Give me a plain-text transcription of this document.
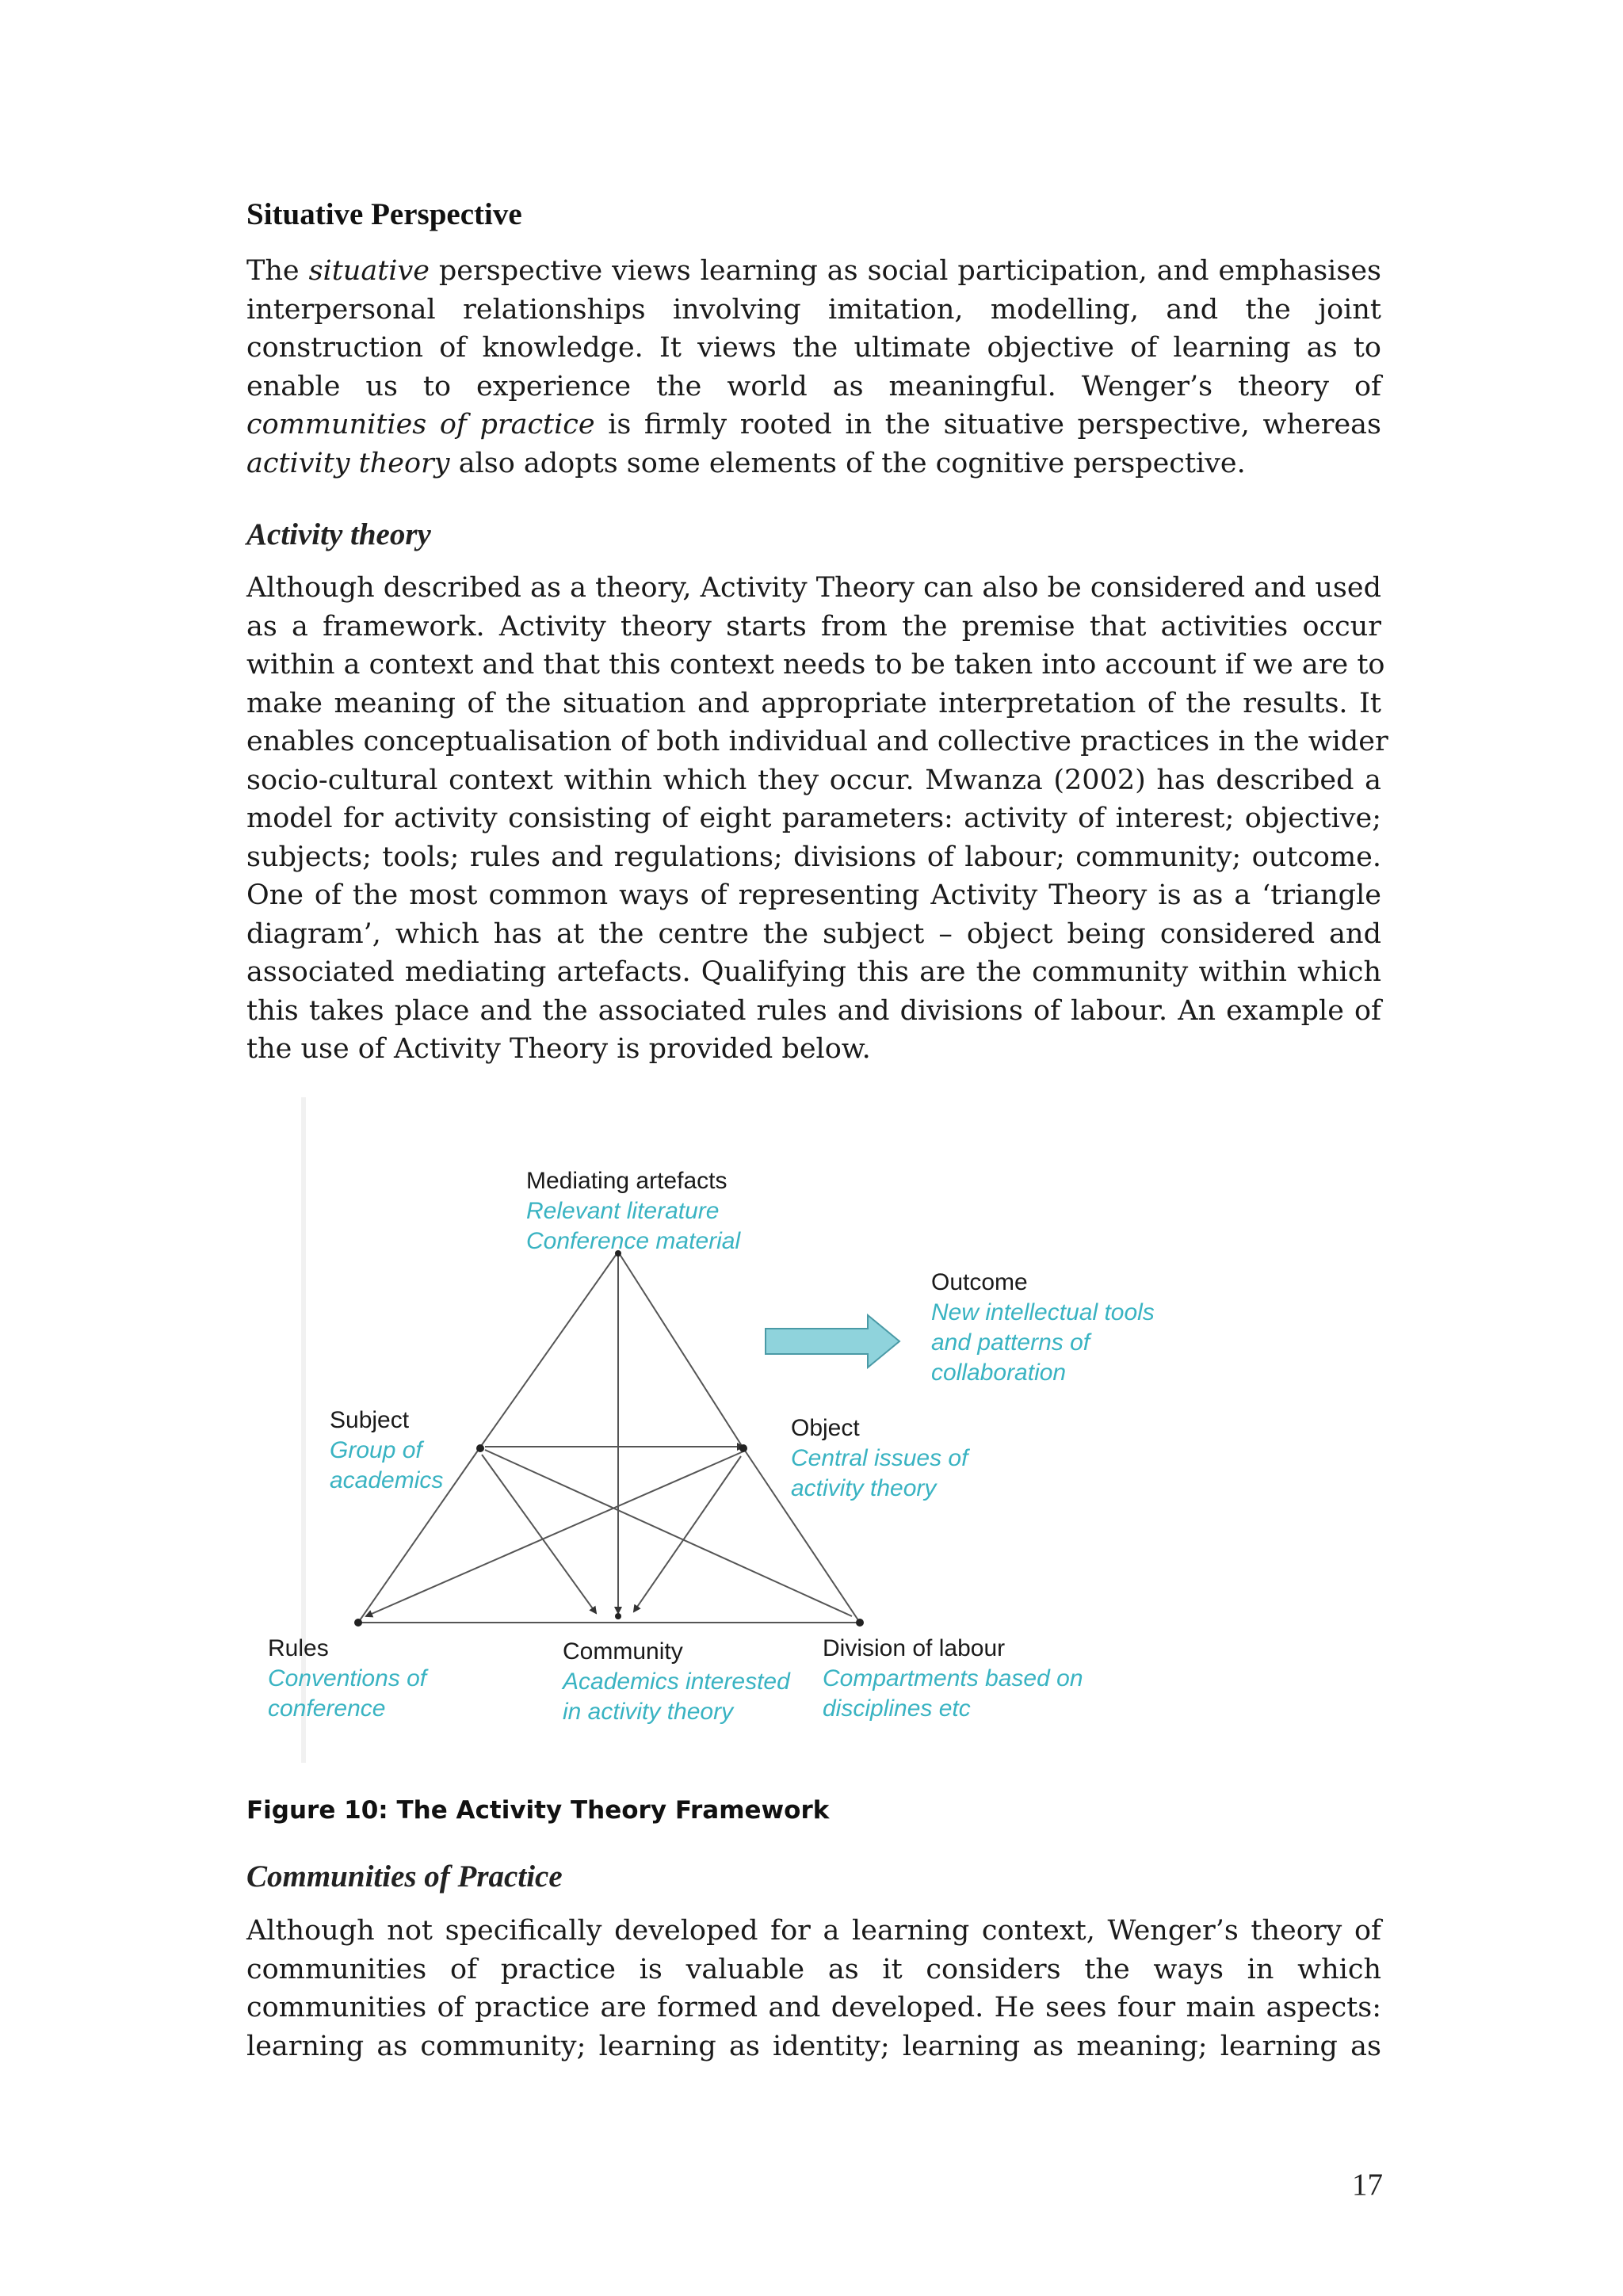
Situative Perspective
The situative perspective views learning as social participation, and emphasises
interpersonal relationships involving imitation, modelling, and the joint
construction of knowledge. It views the ultimate objective of learning as to
enable us to experience the world as meaningful. Wenger’s theory of
communities of practice is firmly rooted in the situative perspective, whereas
activity theory also adopts some elements of the cognitive perspective.
Activity theory
Although described as a theory, Activity Theory can also be considered and used
as a framework. Activity theory starts from the premise that activities occur
within a context and that this context needs to be taken into account if we are to
make meaning of the situation and appropriate interpretation of the results. It
enables conceptualisation of both individual and collective practices in the wider
socio-cultural context within which they occur. Mwanza (2002) has described a
model for activity consisting of eight parameters: activity of interest; objective;
subjects; tools; rules and regulations; divisions of labour; community; outcome.
One of the most common ways of representing Activity Theory is as a ‘triangle
diagram’, which has at the centre the subject – object being considered and
associated mediating artefacts. Qualifying this are the community within which
this takes place and the associated rules and divisions of labour. An example of
the use of Activity Theory is provided below.
Mediating artefacts
Relevant literature
Conference material
Outcome
New intellectual tools
and patterns of
collaboration
Subject
Group of
academics
Object
Central issues of
activity theory
Rules
Conventions of
conference
Community
Academics interested
in activity theory
Division of labour
Compartments based on
disciplines etc

Figure 10: The Activity Theory Framework

Communities of Practice
Although not specifically developed for a learning context, Wenger’s theory of
communities of practice is valuable as it considers the ways in which
communities of practice are formed and developed. He sees four main aspects:
learning as community; learning as identity; learning as meaning; learning as
17
